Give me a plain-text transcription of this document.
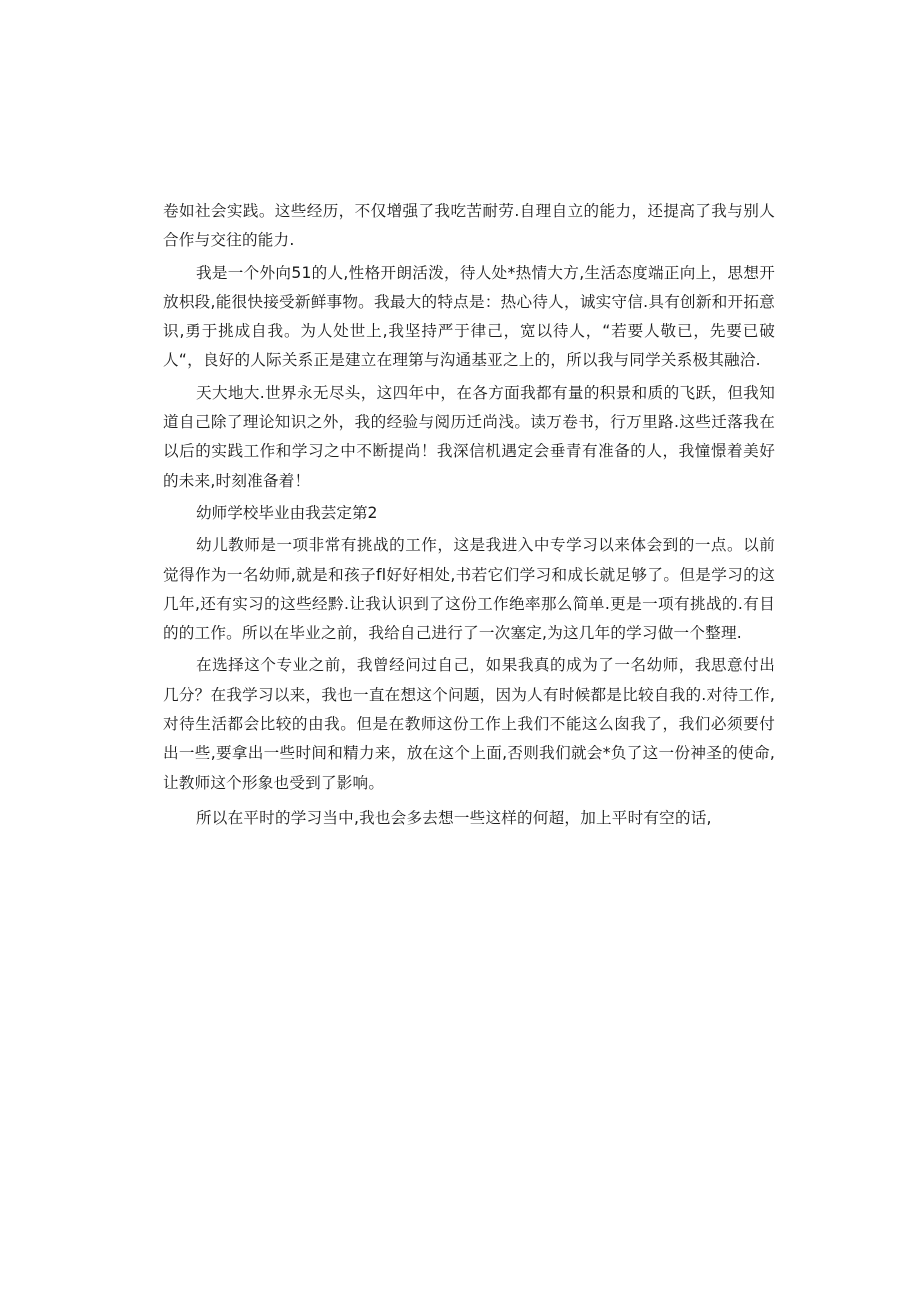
卷如社会实践。这些经历，不仅增强了我吃苦耐劳.自理自立的能力，还提高了我与别人合作与交往的能力.

我是一个外向51的人,性格开朗活泼，待人处*热情大方,生活态度端正向上，思想开放枳段,能很快接受新鲜事物。我最大的特点是：热心待人，诚实守信.具有创新和开拓意识,勇于挑成自我。为人处世上,我坚持严于律己，宽以待人，“若要人敬已，先要已破人“，良好的人际关系正是建立在理第与沟通基亚之上的，所以我与同学关系极其融洽.

天大地大.世界永无尽头，这四年中，在各方面我都有量的积景和质的飞跃，但我知道自己除了理论知识之外，我的经验与阅历迁尚浅。读万卷书，行万里路.这些迁落我在以后的实践工作和学习之中不断提尚！我深信机遇定会垂青有准备的人，我憧憬着美好的未来,时刻准备着！

幼师学校毕业由我芸定第2

幼儿教师是一项非常有挑战的工作，这是我进入中专学习以来体会到的一点。以前觉得作为一名幼师,就是和孩子fl好好相处,书若它们学习和成长就足够了。但是学习的这几年,还有实习的这些经黔.让我认识到了这份工作绝率那么简单.更是一项有挑战的.有目的的工作。所以在毕业之前，我给自己进行了一次塞定,为这几年的学习做一个整理.

在选择这个专业之前，我曾经问过自己，如果我真的成为了一名幼师，我思意付出几分？在我学习以来，我也一直在想这个问题，因为人有时候都是比较自我的.对待工作,对待生活都会比较的由我。但是在教师这份工作上我们不能这么囱我了，我们必须要付出一些,要拿出一些时间和精力来，放在这个上面,否则我们就会*负了这一份神圣的使命,让教师这个形象也受到了影响。

所以在平时的学习当中,我也会多去想一些这样的何超，加上平时有空的话,
